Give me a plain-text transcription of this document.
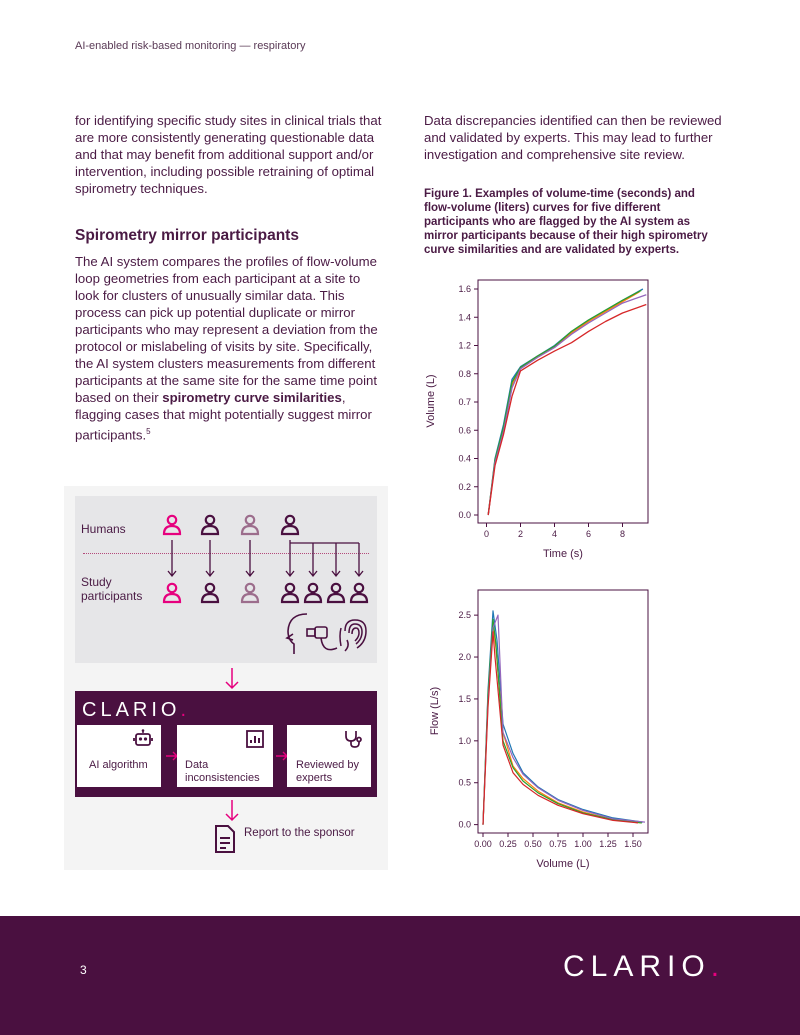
AI-enabled risk-based monitoring — respiratory

for identifying specific study sites in clinical trials that are more consistently generating questionable data and that may benefit from additional support and/or intervention, including possible retraining of optimal spirometry techniques.

Spirometry mirror participants

The AI system compares the profiles of flow-volume loop geometries from each participant at a site to look for clusters of unusually similar data. This process can pick up potential duplicate or mirror participants who may represent a deviation from the protocol or mislabeling of visits by site. Specifically, the AI system clusters measurements from different participants at the same site for the same time point based on their spirometry curve similarities, flagging cases that might potentially suggest mirror participants.$^5$

Data discrepancies identified can then be reviewed and validated by experts. This may lead to further investigation and comprehensive site review.

Figure 1. Examples of volume-time (seconds) and flow-volume (liters) curves for five different participants who are flagged by the AI system as mirror participants because of their high spirometry curve similarities and are validated by experts.
Humans
Study participants
CLARIO.
AI algorithm	Data inconsistencies
Reviewed by experts
Report to the sponsor
0.0
0.2
0.4
0.6
0.7
0.8
1.2
1.4
1.6
0	2	4	6	8
Time (s)
Volume (L)
0.0
0.5
1.0
1.5
2.0
2.5
0.00 0.25 0.50 0.75 1.00 1.25 1.50
Volume (L)
Flow (L/s)
3	CLARIO.
